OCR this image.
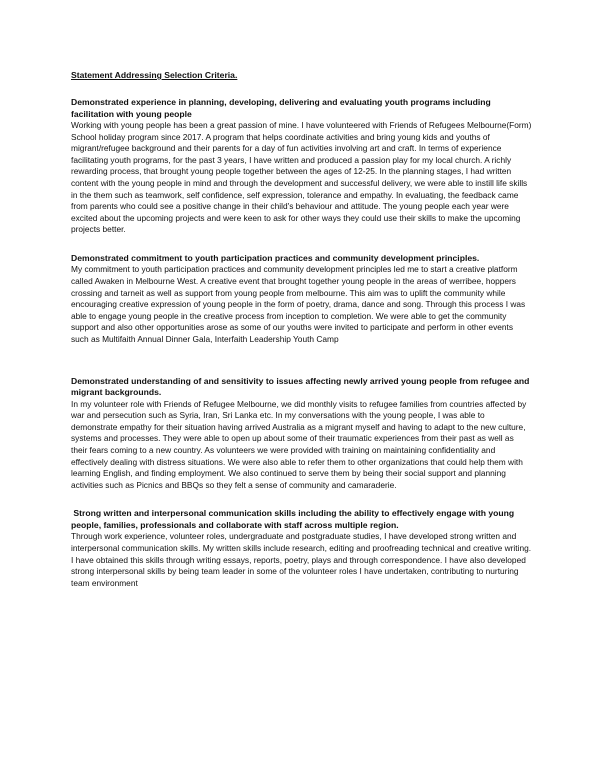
Statement Addressing Selection Criteria.

Demonstrated experience in planning, developing, delivering and evaluating youth programs including facilitation with young people

Working with young people has been a great passion of mine. I have volunteered with Friends of Refugees Melbourne(Form) School holiday program since 2017. A program that helps coordinate activities and bring young kids and youths of migrant/refugee background and their parents for a day of fun activities involving art and craft. In terms of experience facilitating youth programs, for the past 3 years, I have written and produced a passion play for my local church. A richly rewarding process, that brought young people together between the ages of 12-25. In the planning stages, I had written content with the young people in mind and through the development and successful delivery, we were able to instill life skills in the them such as teamwork, self confidence, self expression, tolerance and empathy. In evaluating, the feedback came from parents who could see a positive change in their child's behaviour and attitude. The young people each year were excited about the upcoming projects and were keen to ask for other ways they could use their skills to make the upcoming projects better.

Demonstrated commitment to youth participation practices and community development principles.

My commitment to youth participation practices and community development principles led me to start a creative platform called Awaken in Melbourne West. A creative event that brought together young people in the areas of werribee, hoppers crossing and tarneit as well as support from young people from melbourne. This aim was to uplift the community while encouraging creative expression of young people in the form of poetry, drama, dance and song. Through this process I was able to engage young people in the creative process from inception to completion. We were able to get the community support and also other opportunities arose as some of our youths were invited to participate and perform in other events such as Multifaith Annual Dinner Gala, Interfaith Leadership Youth Camp

Demonstrated understanding of and sensitivity to issues affecting newly arrived young people from refugee and migrant backgrounds.

In my volunteer role with Friends of Refugee Melbourne, we did monthly visits to refugee families from countries affected by war and persecution such as Syria, Iran, Sri Lanka etc. In my conversations with the young people, I was able to demonstrate empathy for their situation having arrived Australia as a migrant myself and having to adapt to the new culture, systems and processes. They were able to open up about some of their traumatic experiences from their past as well as their fears coming to a new country. As volunteers we were provided with training on maintaining confidentiality and effectively dealing with distress situations. We were also able to refer them to other organizations that could help them with learning English, and finding employment. We also continued to serve them by being their social support and planning activities such as Picnics and BBQs so they felt a sense of community and camaraderie.

Strong written and interpersonal communication skills including the ability to effectively engage with young people, families, professionals and collaborate with staff across multiple region.

Through work experience, volunteer roles, undergraduate and postgraduate studies, I have developed strong written and interpersonal communication skills. My written skills include research, editing and proofreading technical and creative writing. I have obtained this skills through writing essays, reports, poetry, plays and through correspondence. I have also developed strong interpersonal skills by being team leader in some of the volunteer roles I have undertaken, contributing to nurturing team environment
